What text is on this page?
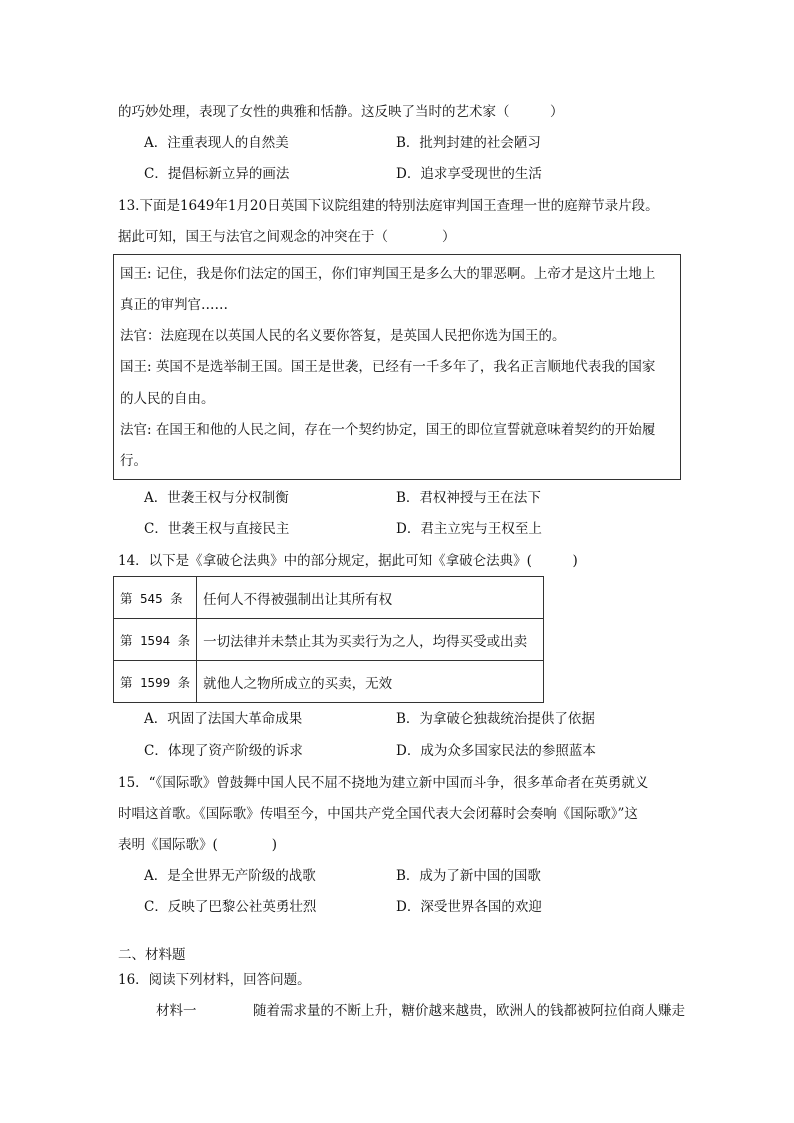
的巧妙处理，表现了女性的典雅和恬静。这反映了当时的艺术家（　　　）
A．注重表现人的自然美	B．批判封建的社会陋习
C．提倡标新立异的画法	D．追求享受现世的生活
13.下面是1649年1月20日英国下议院组建的特别法庭审判国王查理一世的庭辩节录片段。
据此可知，国王与法官之间观念的冲突在于（　　　　）
国王: 记住，我是你们法定的国王，你们审判国王是多么大的罪恶啊。上帝才是这片土地上
真正的审判官……
法官：法庭现在以英国人民的名义要你答复，是英国人民把你选为国王的。
国王: 英国不是选举制王国。国王是世袭，已经有一千多年了，我名正言顺地代表我的国家
的人民的自由。
法官: 在国王和他的人民之间，存在一个契约协定，国王的即位宣誓就意味着契约的开始履
行。
A．世袭王权与分权制衡	B．君权神授与王在法下
C．世袭王权与直接民主	D．君主立宪与王权至上
14．以下是《拿破仑法典》中的部分规定，据此可知《拿破仑法典》(　　　)
第 545 条	任何人不得被强制出让其所有权
第 1594 条	一切法律并未禁止其为买卖行为之人，均得买受或出卖
第 1599 条	就他人之物所成立的买卖，无效
A．巩固了法国大革命成果	B．为拿破仑独裁统治提供了依据
C．体现了资产阶级的诉求	D．成为众多国家民法的参照蓝本
15．“《国际歌》曾鼓舞中国人民不屈不挠地为建立新中国而斗争，很多革命者在英勇就义
时唱这首歌。《国际歌》传唱至今，中国共产党全国代表大会闭幕时会奏响《国际歌》”这
表明《国际歌》(　　　　)
A．是全世界无产阶级的战歌	B．成为了新中国的国歌
C．反映了巴黎公社英勇壮烈	D．深受世界各国的欢迎
二、材料题
16．阅读下列材料，回答问题。
材料一	随着需求量的不断上升，糖价越来越贵，欧洲人的钱都被阿拉伯商人赚走
